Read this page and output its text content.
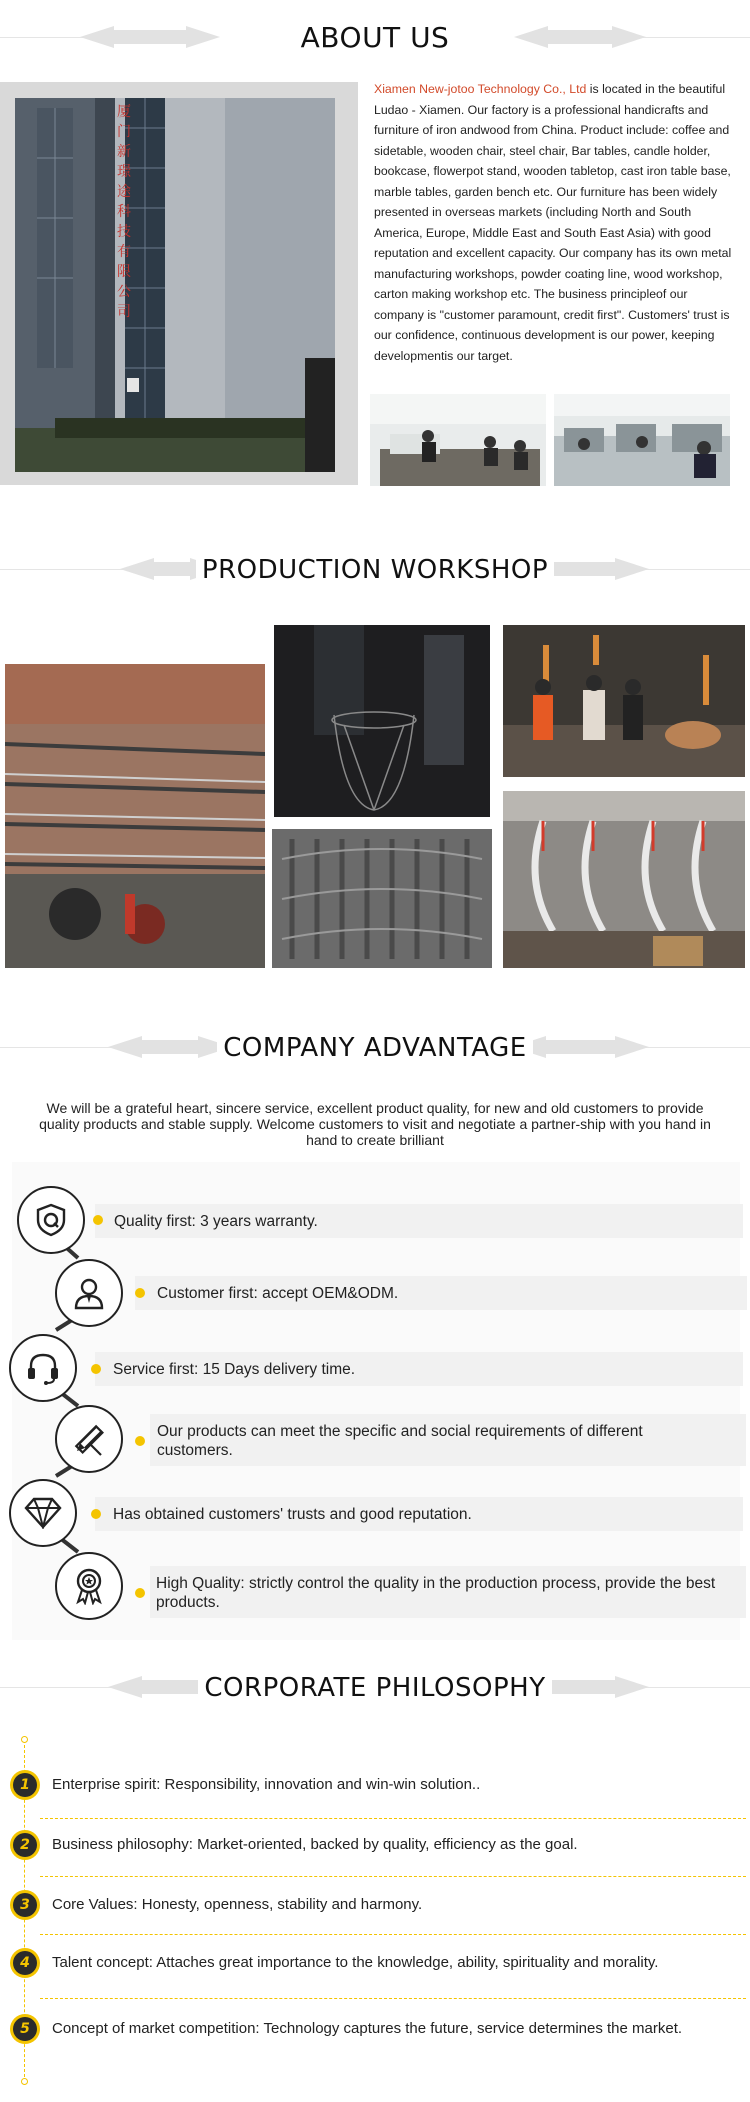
ABOUT US
厦门新璟途科技有限公司
Xiamen New-jotoo Technology Co., Ltd is located in the beautiful Ludao - Xiamen. Our factory is a professional handicrafts and furniture of iron andwood from China. Product include: coffee and sidetable, wooden chair, steel chair, Bar tables, candle holder, bookcase, flowerpot stand, wooden tabletop, cast iron table base, marble tables, garden bench etc. Our furniture has been widely presented in overseas markets (including North and South America, Europe, Middle East and South East Asia) with good reputation and excellent capacity. Our company has its own metal manufacturing workshops, powder coating line, wood workshop, carton making workshop etc. The business principleof our company is "customer paramount, credit first". Customers' trust is our confidence, continuous development is our power, keeping developmentis our target.
PRODUCTION WORKSHOP
COMPANY ADVANTAGE
We will be a grateful heart, sincere service, excellent product quality, for new and old customers to provide quality products and stable supply. Welcome customers to visit and negotiate a partner-ship with you hand in hand to create brilliant
Quality first: 3 years warranty.
Customer first: accept OEM&ODM.
Service first: 15 Days delivery time.
Our products can meet the specific and social requirements of different customers.
Has obtained customers' trusts and good reputation.
High Quality: strictly control the quality in the production process, provide the best products.
CORPORATE PHILOSOPHY
1	Enterprise spirit: Responsibility, innovation and win-win solution..
2	Business philosophy: Market-oriented, backed by quality, efficiency as the goal.
3	Core Values: Honesty, openness, stability and harmony.
4	Talent concept: Attaches great importance to the knowledge, ability, spirituality and morality.
5	Concept of market competition: Technology captures the future, service determines the market.
